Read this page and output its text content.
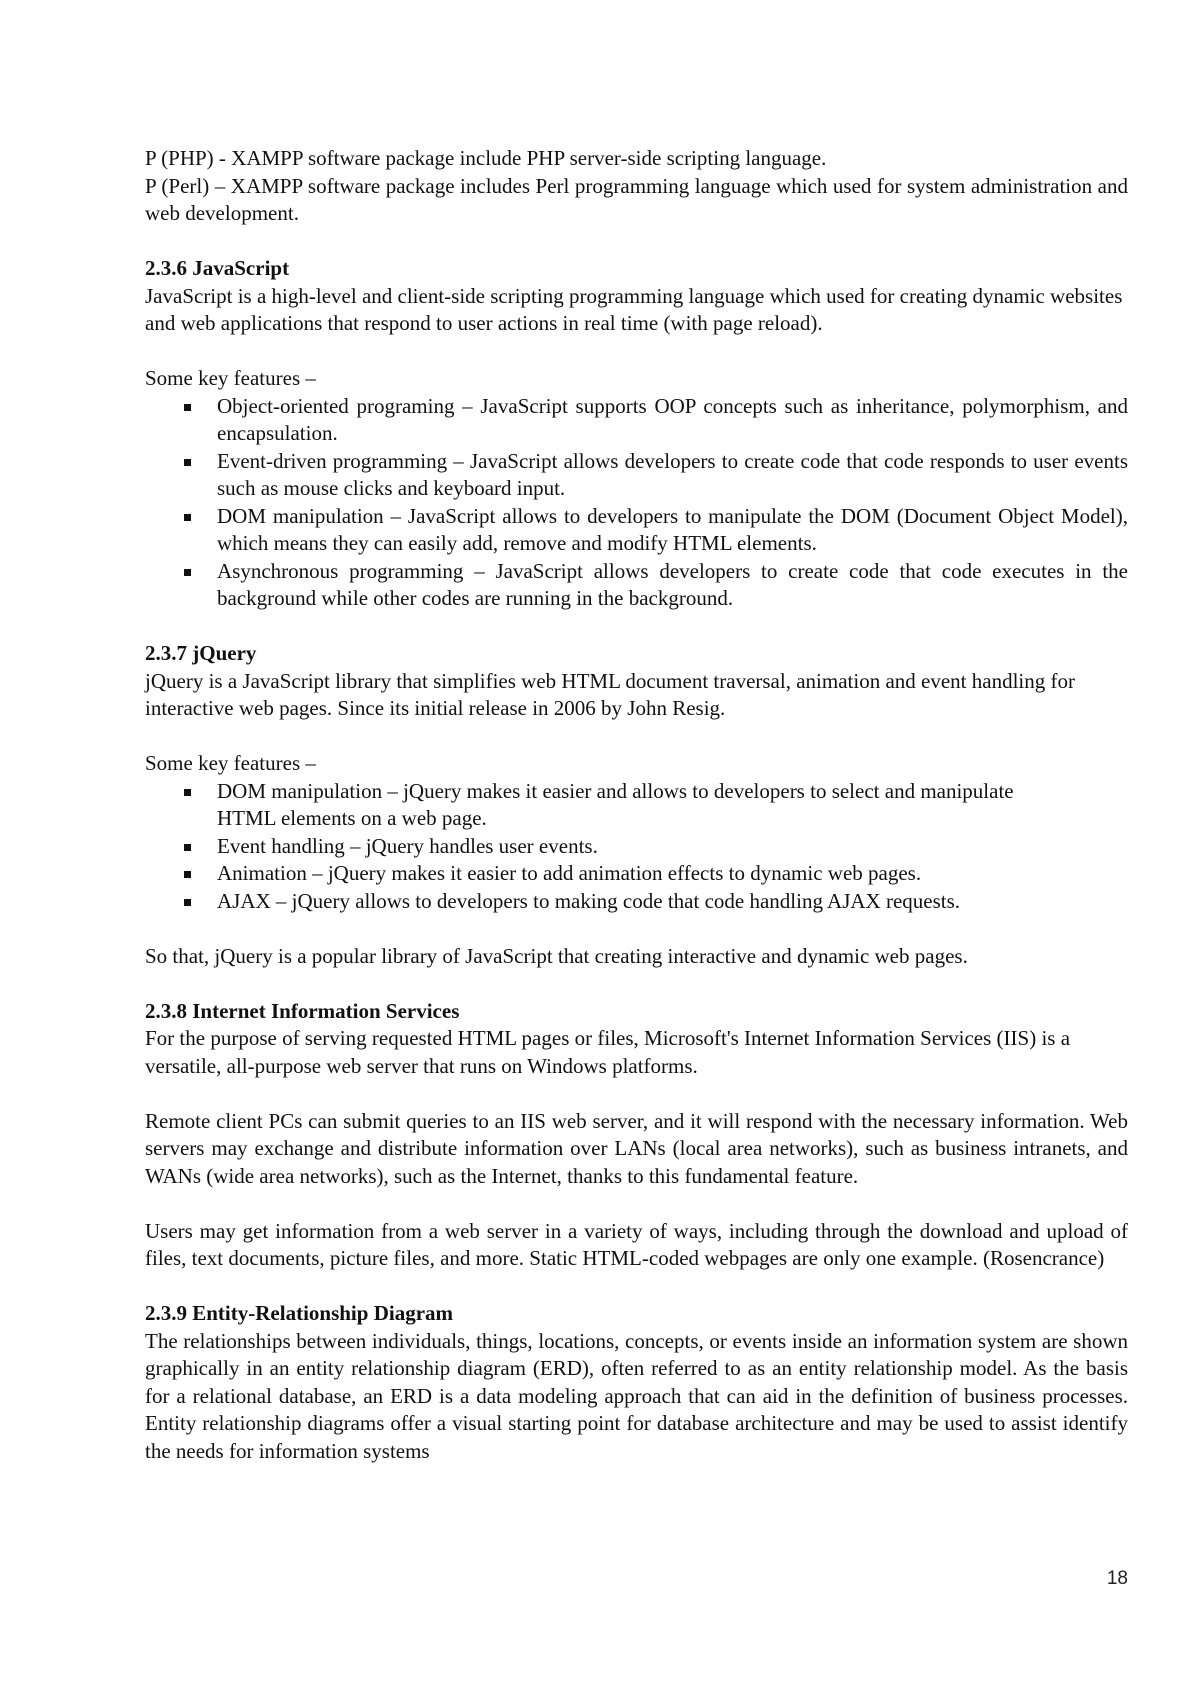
P (PHP) - XAMPP software package include PHP server-side scripting language.

P (Perl) – XAMPP software package includes Perl programming language which used for system administration and web development.

2.3.6 JavaScript

JavaScript is a high-level and client-side scripting programming language which used for creating dynamic websites and web applications that respond to user actions in real time (with page reload).

Some key features –

Object-oriented programing – JavaScript supports OOP concepts such as inheritance, polymorphism, and encapsulation.
Event-driven programming – JavaScript allows developers to create code that code responds to user events such as mouse clicks and keyboard input.
DOM manipulation – JavaScript allows to developers to manipulate the DOM (Document Object Model), which means they can easily add, remove and modify HTML elements.
Asynchronous programming – JavaScript allows developers to create code that code executes in the background while other codes are running in the background.
2.3.7 jQuery

jQuery is a JavaScript library that simplifies web HTML document traversal, animation and event handling for interactive web pages. Since its initial release in 2006 by John Resig.

Some key features –

DOM manipulation – jQuery makes it easier and allows to developers to select and manipulate HTML elements on a web page.
Event handling – jQuery handles user events.
Animation – jQuery makes it easier to add animation effects to dynamic web pages.
AJAX – jQuery allows to developers to making code that code handling AJAX requests.

So that, jQuery is a popular library of JavaScript that creating interactive and dynamic web pages.

2.3.8 Internet Information Services

For the purpose of serving requested HTML pages or files, Microsoft's Internet Information Services (IIS) is a versatile, all-purpose web server that runs on Windows platforms.

Remote client PCs can submit queries to an IIS web server, and it will respond with the necessary information. Web servers may exchange and distribute information over LANs (local area networks), such as business intranets, and WANs (wide area networks), such as the Internet, thanks to this fundamental feature.

Users may get information from a web server in a variety of ways, including through the download and upload of files, text documents, picture files, and more. Static HTML-coded webpages are only one example. (Rosencrance)

2.3.9 Entity-Relationship Diagram

The relationships between individuals, things, locations, concepts, or events inside an information system are shown graphically in an entity relationship diagram (ERD), often referred to as an entity relationship model. As the basis for a relational database, an ERD is a data modeling approach that can aid in the definition of business processes. Entity relationship diagrams offer a visual starting point for database architecture and may be used to assist identify the needs for information systems

18
